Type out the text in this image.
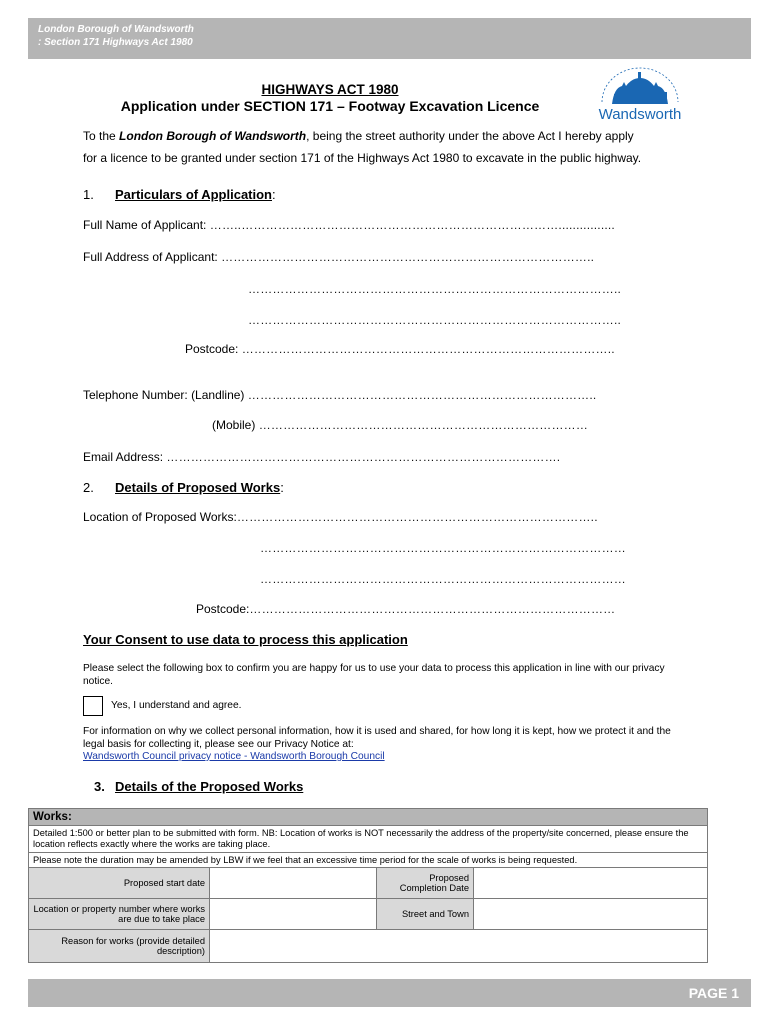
London Borough of Wandsworth
: Section 171 Highways Act 1980
HIGHWAYS ACT 1980
Application under SECTION 171 – Footway Excavation Licence	Wandsworth
To the London Borough of Wandsworth, being the street authority under the above Act I hereby apply
for a licence to be granted under section 171 of the Highways Act 1980 to excavate in the public highway.
1. Particulars of Application:
Full Name of Applicant: ……..……………………………………………………………………................
Full Address of Applicant: ………………………………………………………………………………..
………………………………………………………………………………..
………………………………………………………………………………..
Postcode: ………………………………………………………………………………..
Telephone Number: (Landline) …………………………………………………………………………..
(Mobile) ………………………………………………………………………
Email Address: …………………………………………………………………………………….
2. Details of Proposed Works:
Location of Proposed Works:……………………………………………………………………………..
………………………………………………………………………………
………………………………………………………………………………
Postcode:………………………………………………………………………………
Your Consent to use data to process this application
Please select the following box to confirm you are happy for us to use your data to process this application in line with our privacy notice.
Yes, I understand and agree.
For information on why we collect personal information, how it is used and shared, for how long it is kept, how we protect it and the legal basis for collecting it, please see our Privacy Notice at:
Wandsworth Council privacy notice - Wandsworth Borough Council
3. Details of the Proposed Works
Works:			
Detailed 1:500 or better plan to be submitted with form. NB: Location of works is NOT necessarily the address of the property/site concerned, please ensure the location reflects exactly where the works are taking place.			
Please note the duration may be amended by LBW if we feel that an excessive time period for the scale of works is being requested.			
Proposed start date		Proposed Completion Date	
Location or property number where works are due to take place		Street and Town	
Reason for works (provide detailed description)			
PAGE 1
